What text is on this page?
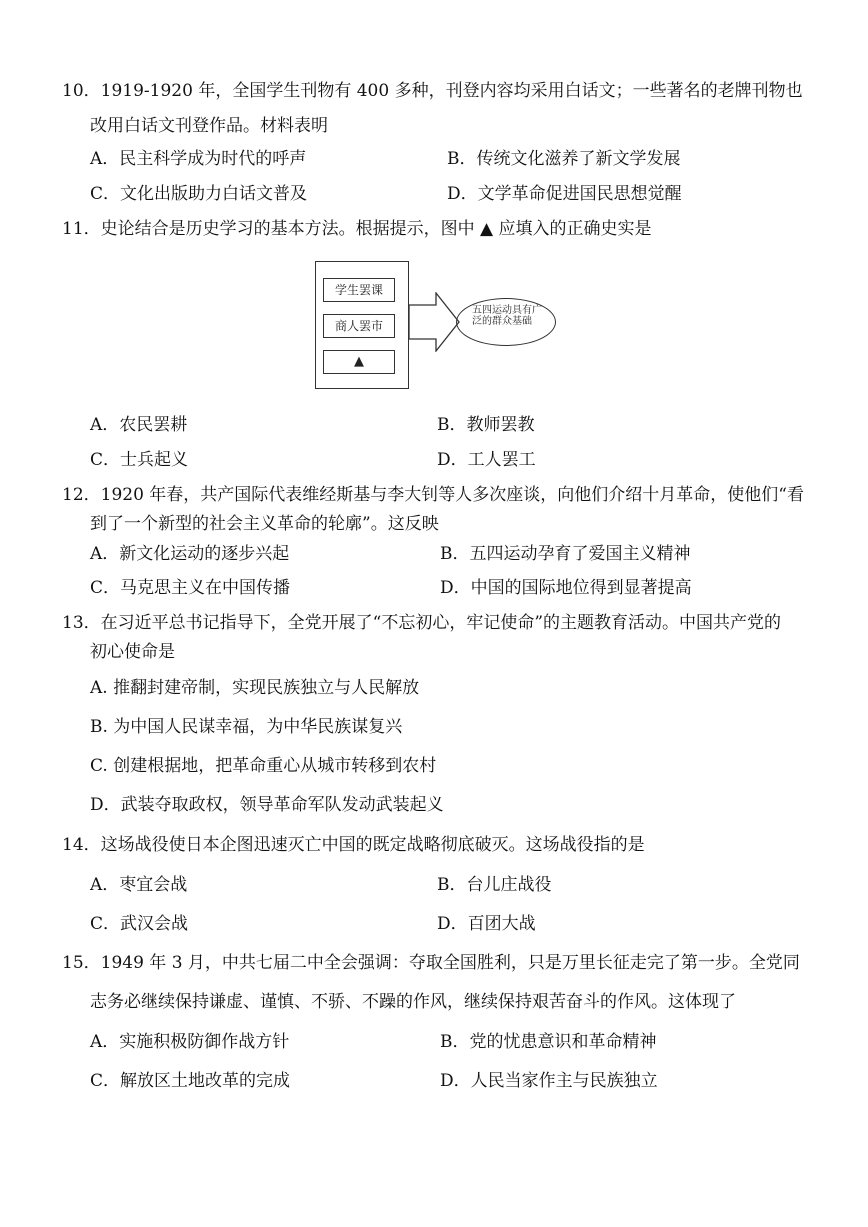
10．1919-1920 年，全国学生刊物有 400 多种，刊登内容均采用白话文；一些著名的老牌刊物也
改用白话文刊登作品。材料表明
A．民主科学成为时代的呼声	B．传统文化滋养了新文学发展
C．文化出版助力白话文普及	D．文学革命促进国民思想觉醒
11．史论结合是历史学习的基本方法。根据提示，图中 ▲ 应填入的正确史实是
学生罢课
商人罢市
▲
五四运动具有广泛的群众基础
A．农民罢耕	B．教师罢教
C．士兵起义	D．工人罢工
12．1920 年春，共产国际代表维经斯基与李大钊等人多次座谈，向他们介绍十月革命，使他们“看
到了一个新型的社会主义革命的轮廓”。这反映
A．新文化运动的逐步兴起	B．五四运动孕育了爱国主义精神
C．马克思主义在中国传播	D．中国的国际地位得到显著提高
13．在习近平总书记指导下，全党开展了“不忘初心，牢记使命”的主题教育活动。中国共产党的
初心使命是
A. 推翻封建帝制，实现民族独立与人民解放
B. 为中国人民谋幸福，为中华民族谋复兴
C. 创建根据地，把革命重心从城市转移到农村
D．武装夺取政权，领导革命军队发动武装起义
14．这场战役使日本企图迅速灭亡中国的既定战略彻底破灭。这场战役指的是
A．枣宜会战	B．台儿庄战役
C．武汉会战	D．百团大战
15．1949 年 3 月，中共七届二中全会强调：夺取全国胜利，只是万里长征走完了第一步。全党同
志务必继续保持谦虚、谨慎、不骄、不躁的作风，继续保持艰苦奋斗的作风。这体现了
A．实施积极防御作战方针	B．党的忧患意识和革命精神
C．解放区土地改革的完成	D．人民当家作主与民族独立
